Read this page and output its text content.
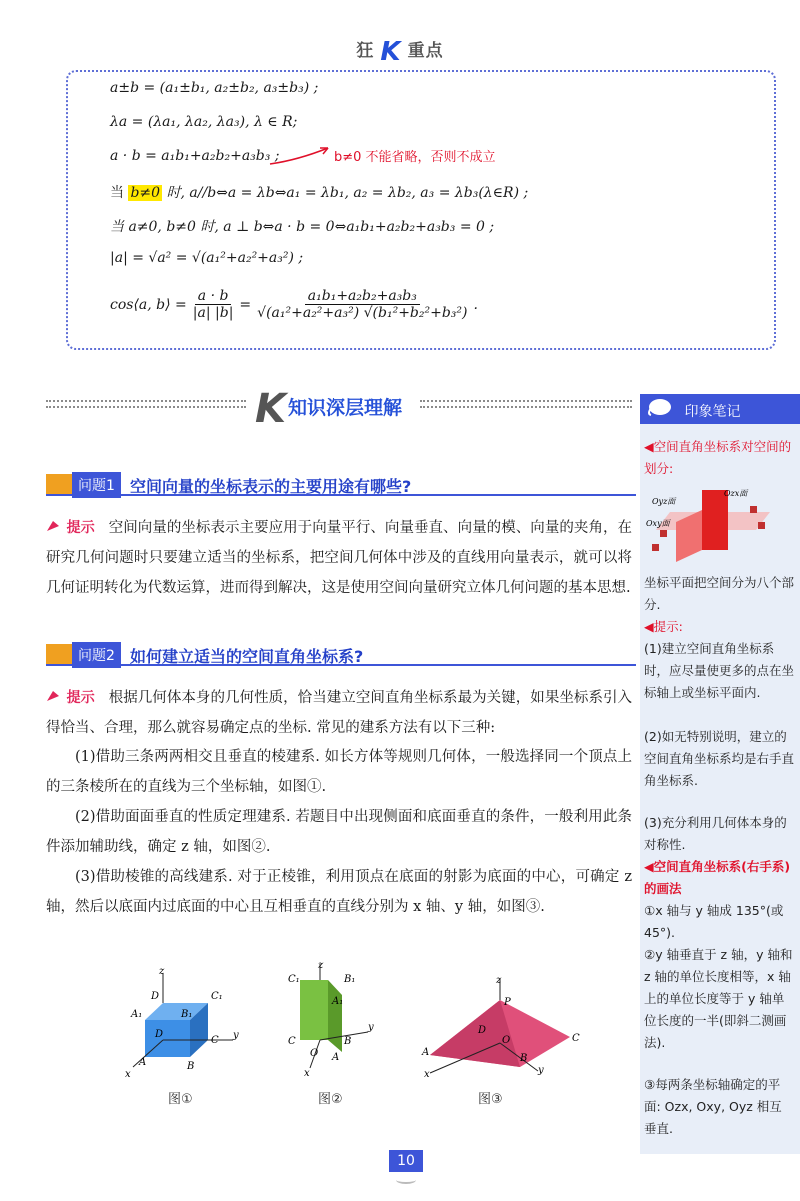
狂 K 重点
a±b = (a₁±b₁, a₂±b₂, a₃±b₃) ;
λa = (λa₁, λa₂, λa₃), λ ∈ R;
a · b = a₁b₁+a₂b₂+a₃b₃ ;	b≠0 不能省略，否则不成立
当 b≠0 时, a//b⇔a = λb⇔a₁ = λb₁, a₂ = λb₂, a₃ = λb₃(λ∈R) ;
当 a≠0, b≠0 时, a ⊥ b⇔a · b = 0⇔a₁b₁+a₂b₂+a₃b₃ = 0 ;
|a| = √a² = √(a₁²+a₂²+a₃²) ;
cos⟨a, b⟩ = $\frac{a \cdot b}{|a| |b|} = \frac{\text{a₁b₁+a₂b₂+a₃b₃}}{\text{√(a₁²+a₂²+a₃²) √(b₁²+b₂²+b₃²)}}$ .
K知识深层理解
问题1 空间向量的坐标表示的主要用途有哪些?
提示 空间向量的坐标表示主要应用于向量平行、向量垂直、向量的模、向量的夹角，在研究几何问题时只要建立适当的坐标系，把空间几何体中涉及的直线用向量表示，就可以将几何证明转化为代数运算，进而得到解决，这是使用空间向量研究立体几何问题的基本思想.
问题2 如何建立适当的空间直角坐标系?
提示 根据几何体本身的几何性质，恰当建立空间直角坐标系最为关键，如果坐标系引入得恰当、合理，那么就容易确定点的坐标. 常见的建系方法有以下三种:
(1)借助三条两两相交且垂直的棱建系. 如长方体等规则几何体，一般选择同一个顶点上的三条棱所在的直线为三个坐标轴，如图①.
(2)借助面面垂直的性质定理建系. 若题目中出现侧面和底面垂直的条件，一般利用此条件添加辅助线，确定 z 轴，如图②.
(3)借助棱锥的高线建系. 对于正棱锥，利用顶点在底面的射影为底面的中心，可确定 z 轴，然后以底面内过底面的中心且互相垂直的直线分别为 x 轴、y 轴，如图③.
z
D	C₁
A₁	B₁
D
C y
A	B
x
图①
C₁
z
B₁
A₁
C	B
y
O A
x
图②
z
P
D
C
A
O
B
y
x
图③
印象笔记
◀空间直角坐标系对空间的划分:
Oyz面
Ozx面
Oxy面
坐标平面把空间分为八个部分.
◀提示:
(1)建立空间直角坐标系时，应尽量使更多的点在坐标轴上或坐标平面内.
(2)如无特别说明，建立的空间直角坐标系均是右手直角坐标系.
(3)充分利用几何体本身的对称性.
◀空间直角坐标系(右手系)的画法
①x 轴与 y 轴成 135°(或 45°).
②y 轴垂直于 z 轴，y 轴和 z 轴的单位长度相等，x 轴上的单位长度等于 y 轴单位长度的一半(即斜二测画法).
③每两条坐标轴确定的平面: Ozx, Oxy, Oyz 相互垂直.
10
